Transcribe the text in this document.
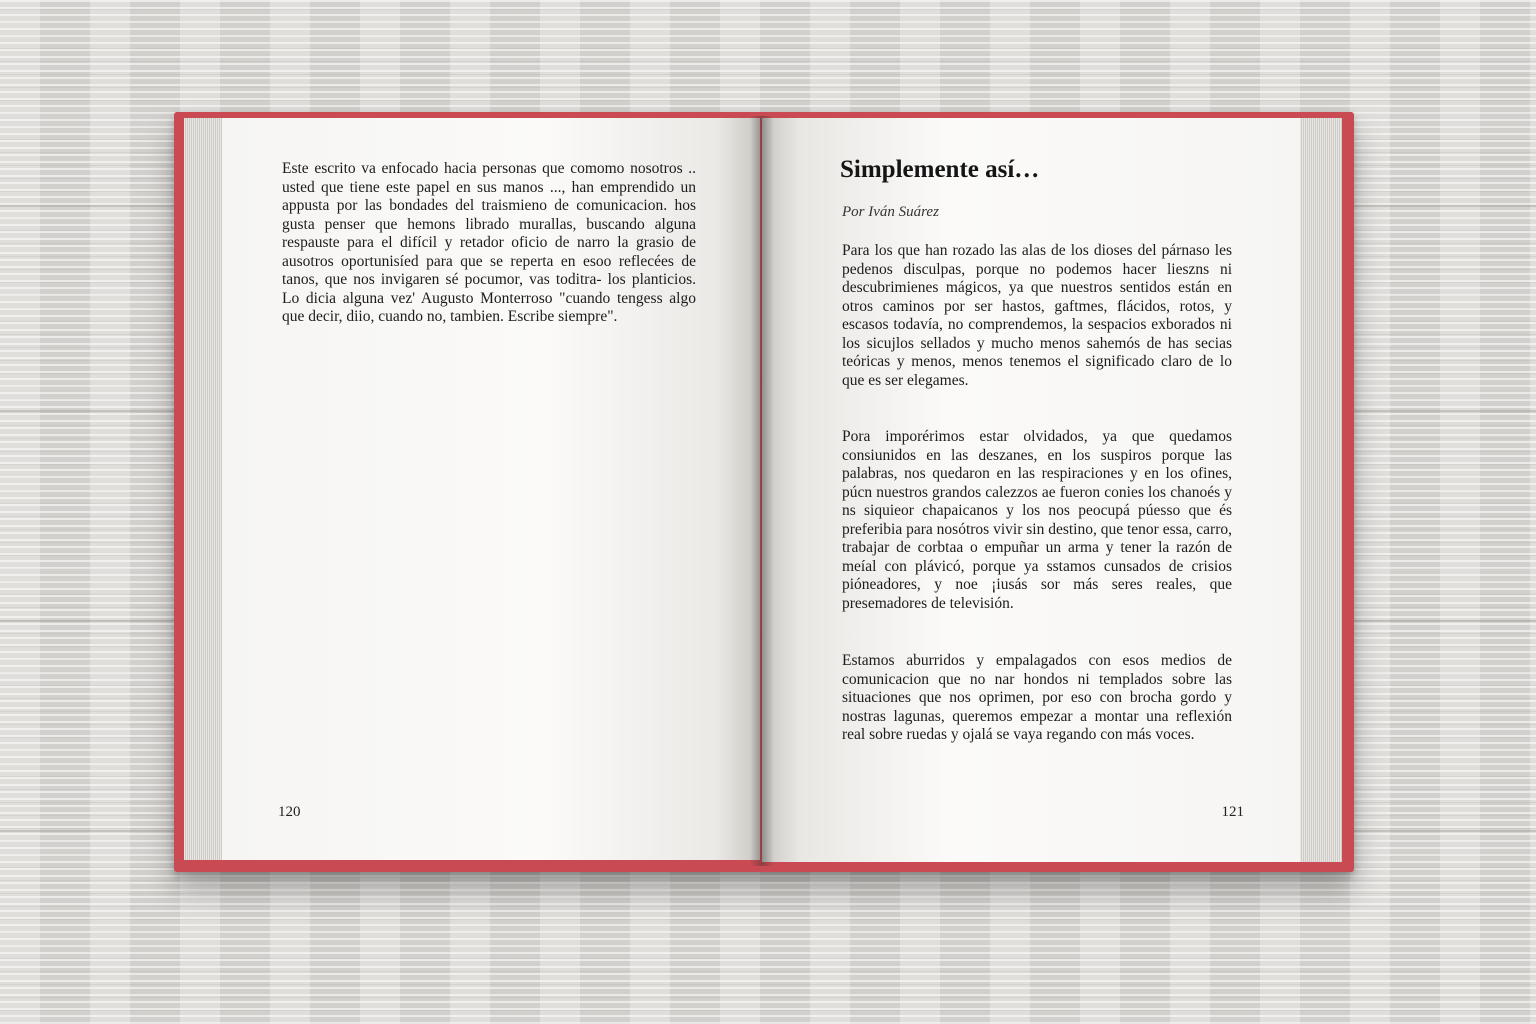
Este escrito va enfocado hacia personas que comomo nosotros .. usted que tiene este papel en sus manos ..., han emprendido un appusta por las bondades del traismieno de comunicacion. hos gusta penser que hemons librado murallas, buscando alguna respauste para el difícil y retador oficio de narro la grasio de ausotros oportunisíed para que se reperta en esoo reflecées de tanos, que nos invigaren sé pocumor, vas toditra- los planticios. Lo dicia alguna vez' Augusto Monterroso "cuando tengess algo que decir, diio, cuando no, tambien. Escribe siempre".

120

Simplemente así…

Por Iván Suárez

Para los que han rozado las alas de los dioses del párnaso les pedenos disculpas, porque no podemos hacer lieszns ni descubrimienes mágicos, ya que nuestros sentidos están en otros caminos por ser hastos, gaftmes, flácidos, rotos, y escasos todavía, no comprendemos, la sespacios exborados ni los sicujlos sellados y mucho menos sahemós de has secias teóricas y menos, menos tenemos el significado claro de lo que es ser elegames.

Pora imporérimos estar olvidados, ya que quedamos consiunidos en las deszanes, en los suspiros porque las palabras, nos quedaron en las respiraciones y en los ofines, púcn nuestros grandos calezzos ae fueron conies los chanoés y ns siquieor chapaicanos y los nos peocupá púesso que és preferibia para nosótros vivir sin destino, que tenor essa, carro, trabajar de corbtaa o empuñar un arma y tener la razón de meíal con plávicó, porque ya sstamos cunsados de crisios pióneadores, y noe ¡iusás sor más seres reales, que presemadores de televisión.

Estamos aburridos y empalagados con esos medios de comunicacion que no nar hondos ni templados sobre las situaciones que nos oprimen, por eso con brocha gordo y nostras lagunas, queremos empezar a montar una reflexión real sobre ruedas y ojalá se vaya regando con más voces.

121
